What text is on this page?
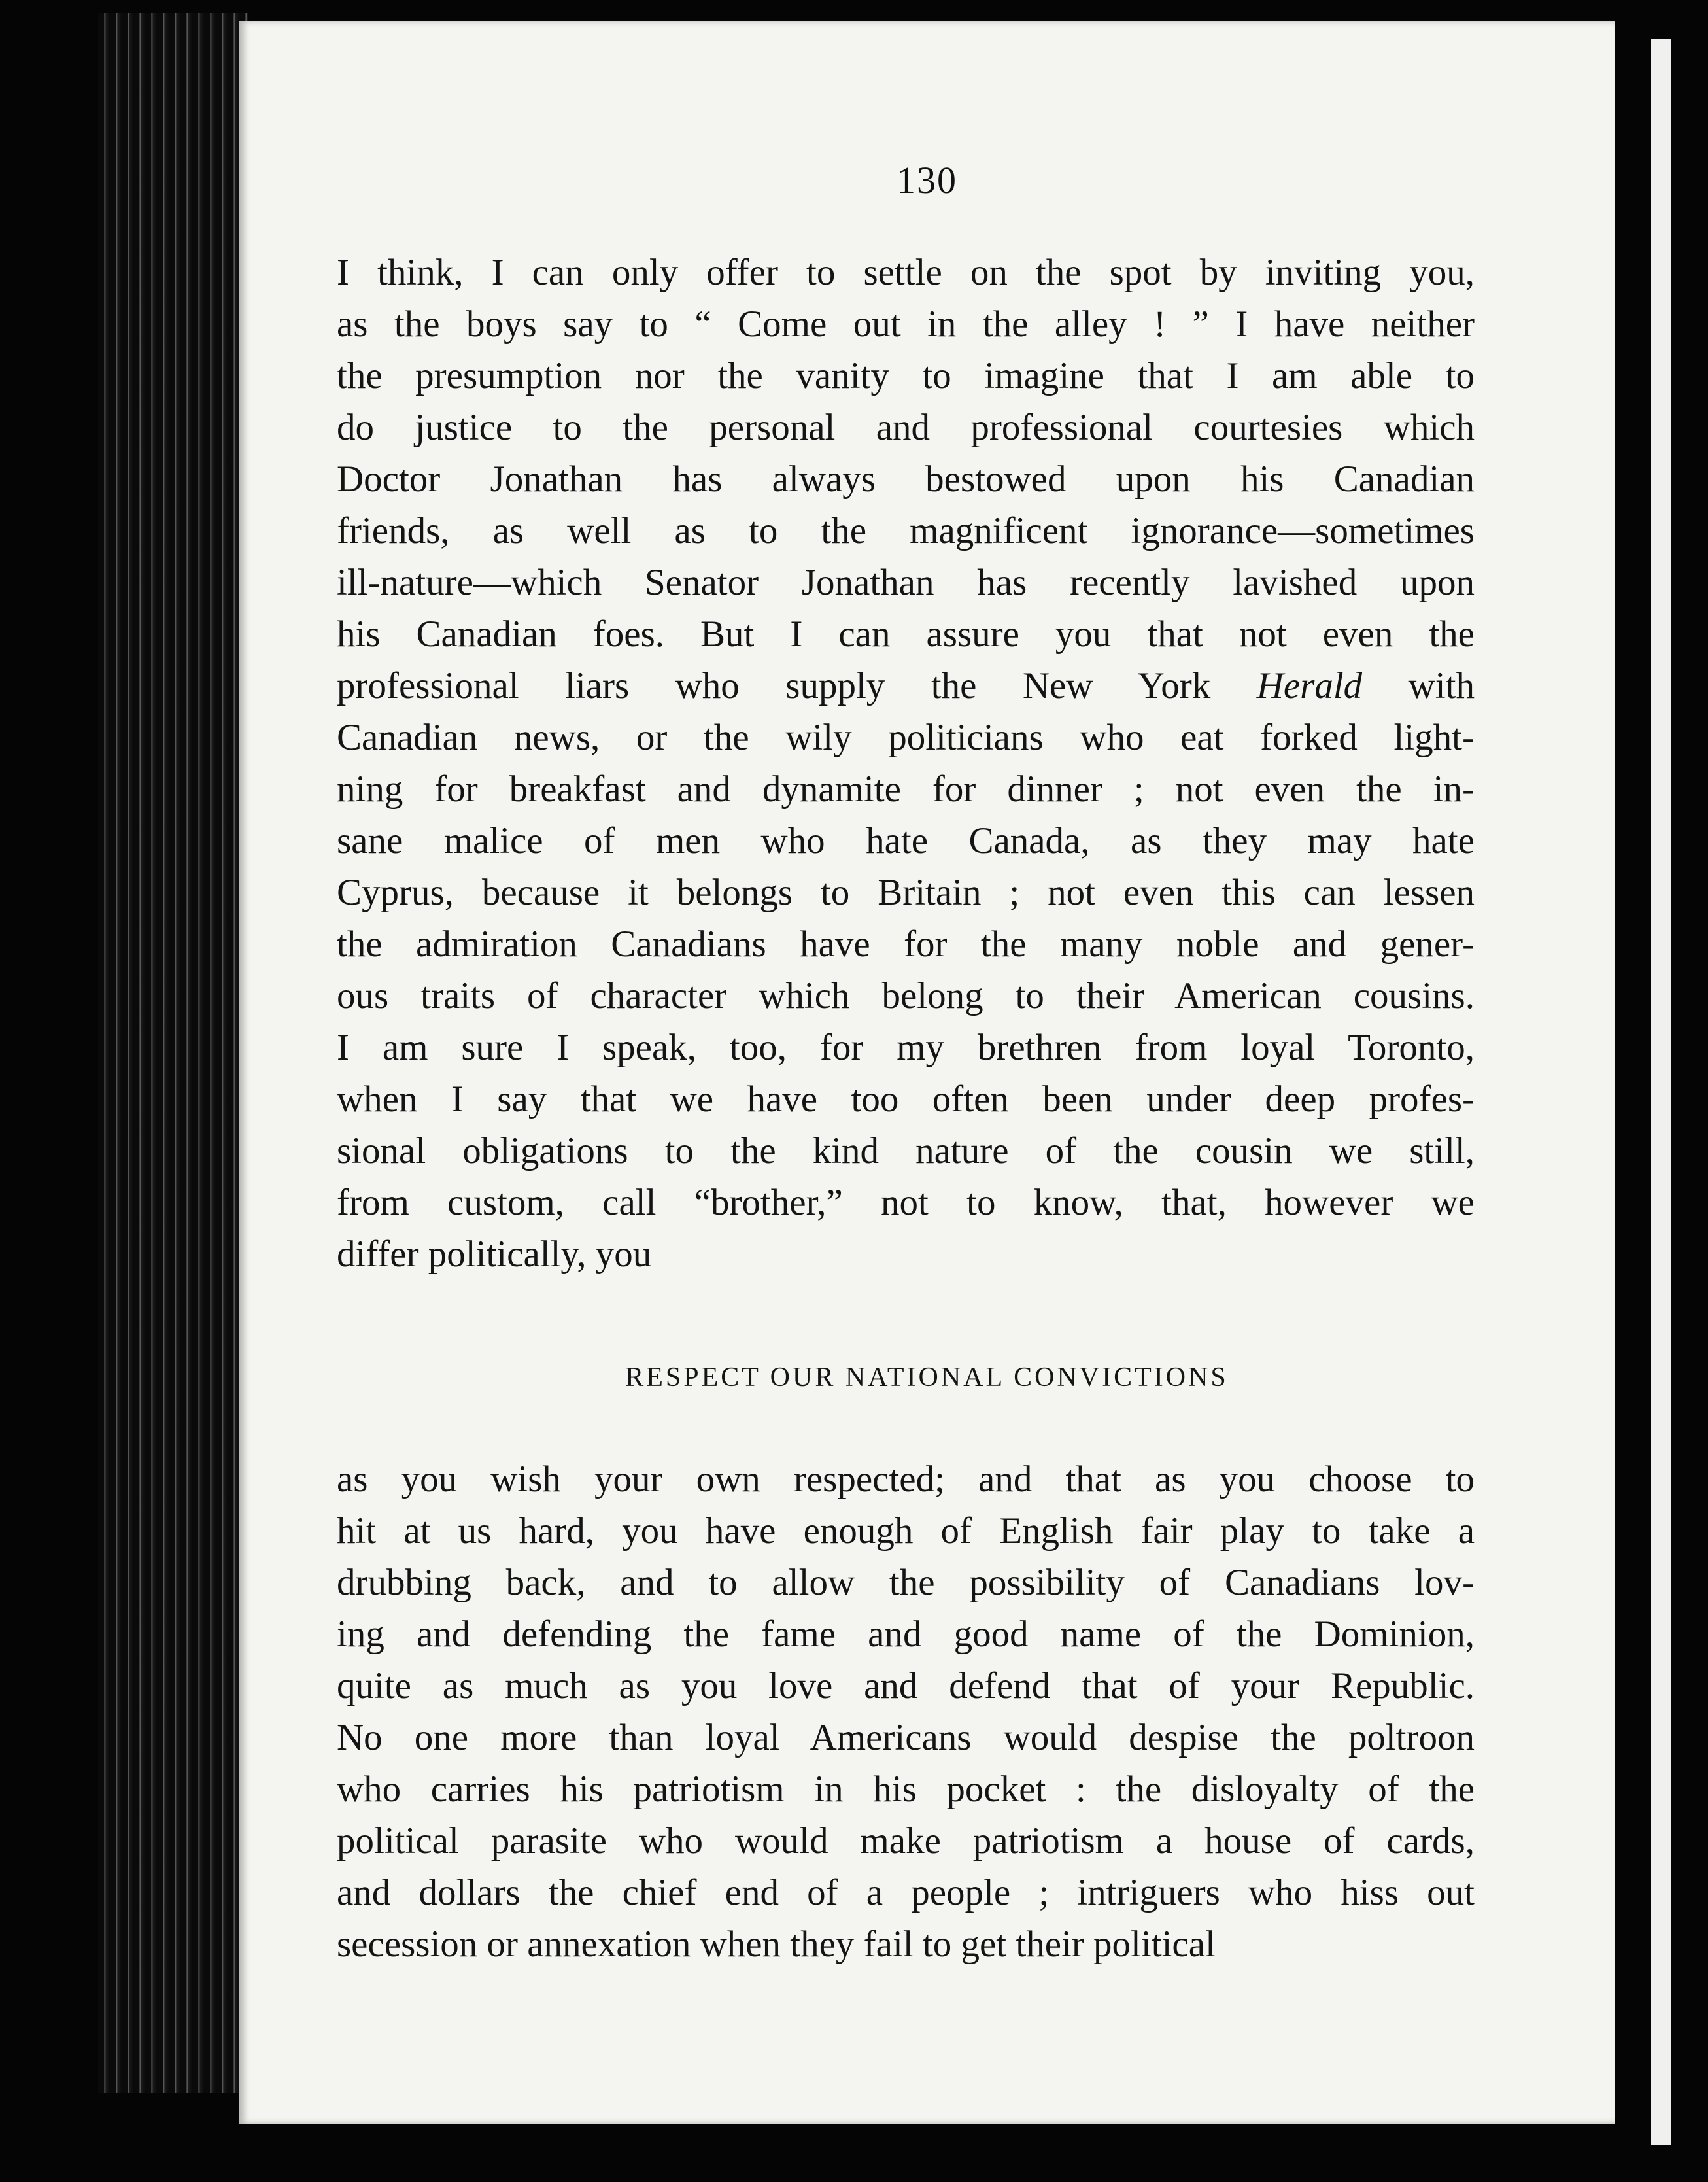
130
I think, I can only offer to settle on the spot by inviting you,
as the boys say to “ Come out in the alley ! ” I have neither
the presumption nor the vanity to imagine that I am able to
do justice to the personal and professional courtesies which
Doctor Jonathan has always bestowed upon his Canadian
friends, as well as to the magnificent ignorance—sometimes
ill-nature—which Senator Jonathan has recently lavished upon
his Canadian foes. But I can assure you that not even the
professional liars who supply the New York Herald with
Canadian news, or the wily politicians who eat forked light-
ning for breakfast and dynamite for dinner ; not even the in-
sane malice of men who hate Canada, as they may hate
Cyprus, because it belongs to Britain ; not even this can lessen
the admiration Canadians have for the many noble and gener-
ous traits of character which belong to their American cousins.
I am sure I speak, too, for my brethren from loyal Toronto,
when I say that we have too often been under deep profes-
sional obligations to the kind nature of the cousin we still,
from custom, call “brother,” not to know, that, however we
differ politically, you
RESPECT OUR NATIONAL CONVICTIONS
as you wish your own respected; and that as you choose to
hit at us hard, you have enough of English fair play to take a
drubbing back, and to allow the possibility of Canadians lov-
ing and defending the fame and good name of the Dominion,
quite as much as you love and defend that of your Republic.
No one more than loyal Americans would despise the poltroon
who carries his patriotism in his pocket : the disloyalty of the
political parasite who would make patriotism a house of cards,
and dollars the chief end of a people ; intriguers who hiss out
secession or annexation when they fail to get their political
